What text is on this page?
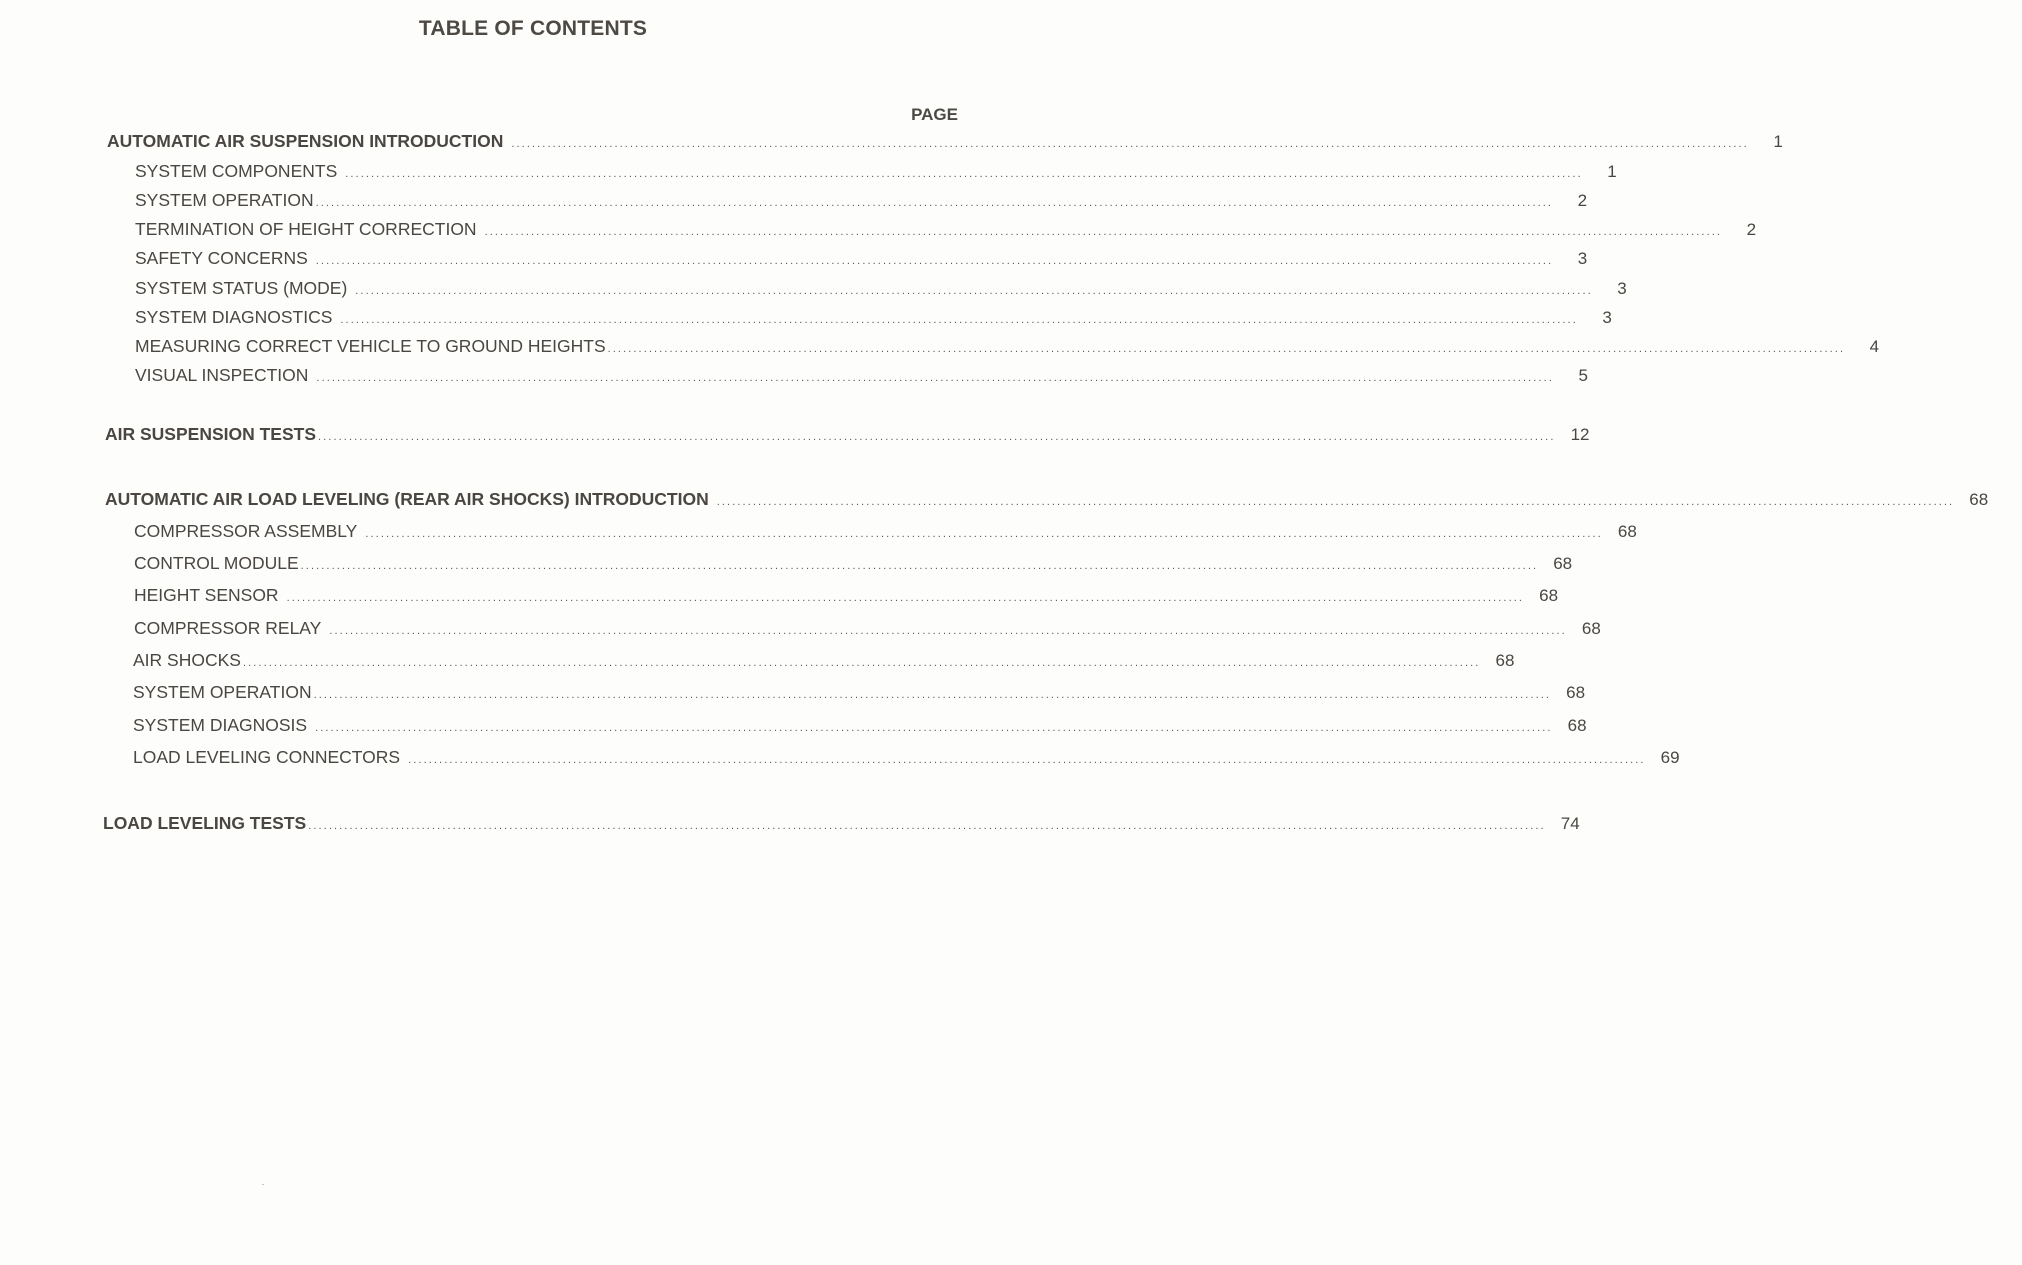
TABLE OF CONTENTS
PAGE
AUTOMATIC AIR SUSPENSION INTRODUCTION ................................................................................................................................................................................................................................................	1
SYSTEM COMPONENTS ................................................................................................................................................................................................................................................	1
SYSTEM OPERATION ................................................................................................................................................................................................................................................	2
TERMINATION OF HEIGHT CORRECTION ................................................................................................................................................................................................................................................	2
SAFETY CONCERNS ................................................................................................................................................................................................................................................	3
SYSTEM STATUS (MODE) ................................................................................................................................................................................................................................................	3
SYSTEM DIAGNOSTICS ................................................................................................................................................................................................................................................	3
MEASURING CORRECT VEHICLE TO GROUND HEIGHTS ................................................................................................................................................................................................................................................	4
VISUAL INSPECTION ................................................................................................................................................................................................................................................	5
AIR SUSPENSION TESTS ................................................................................................................................................................................................................................................ 12
AUTOMATIC AIR LOAD LEVELING (REAR AIR SHOCKS) INTRODUCTION ................................................................................................................................................................................................................................................ 68
COMPRESSOR ASSEMBLY ................................................................................................................................................................................................................................................ 68
CONTROL MODULE ................................................................................................................................................................................................................................................ 68
HEIGHT SENSOR ................................................................................................................................................................................................................................................ 68
COMPRESSOR RELAY ................................................................................................................................................................................................................................................ 68
AIR SHOCKS ................................................................................................................................................................................................................................................ 68
SYSTEM OPERATION ................................................................................................................................................................................................................................................ 68
SYSTEM DIAGNOSIS ................................................................................................................................................................................................................................................ 68
LOAD LEVELING CONNECTORS ................................................................................................................................................................................................................................................ 69
LOAD LEVELING TESTS ................................................................................................................................................................................................................................................ 74
